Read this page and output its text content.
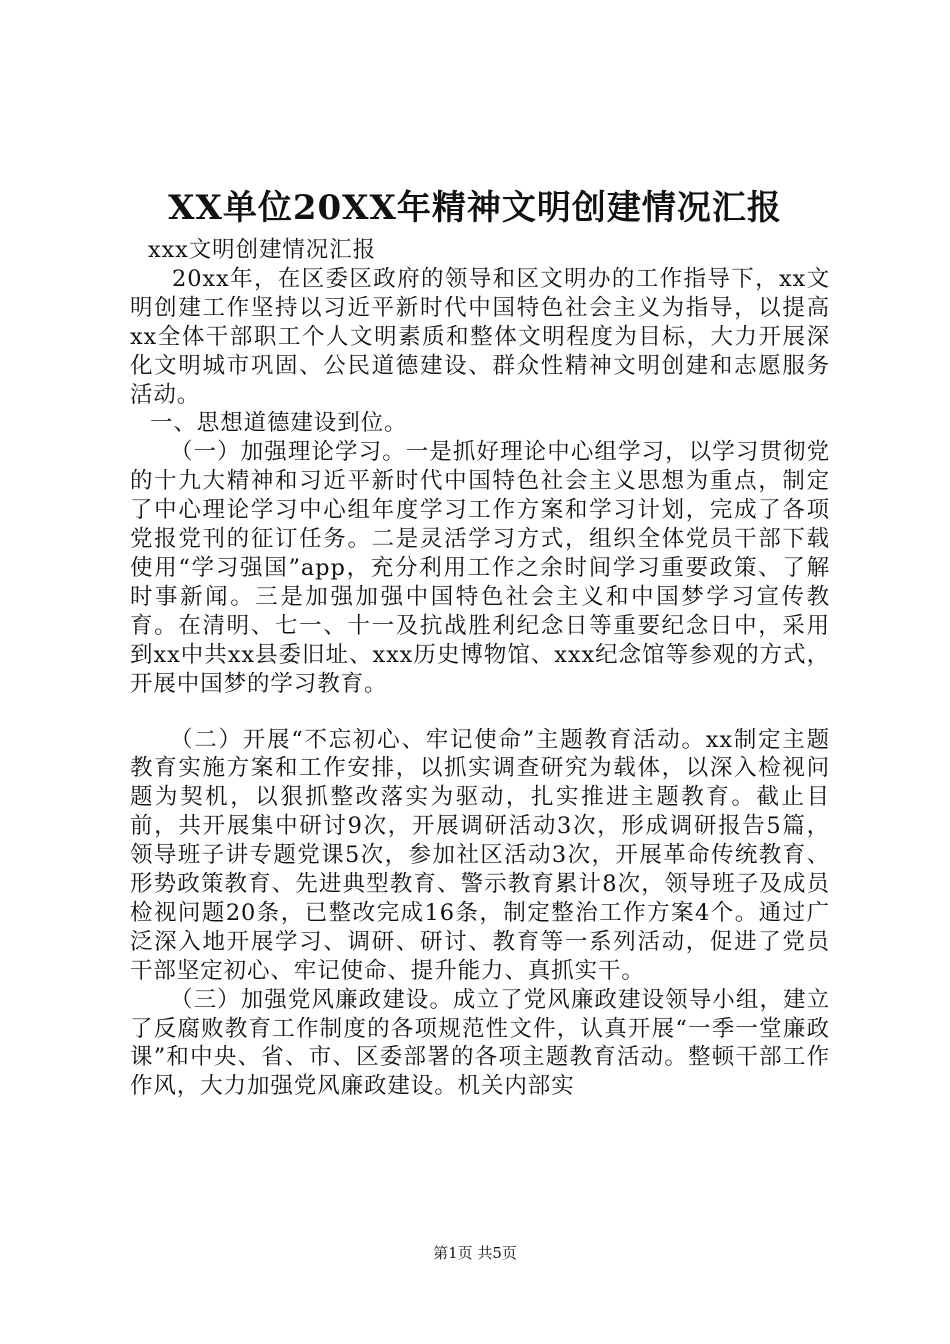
XX单位20XX年精神文明创建情况汇报

xxx文明创建情况汇报

20xx年，在区委区政府的领导和区文明办的工作指导下，xx文明创建工作坚持以习近平新时代中国特色社会主义为指导，以提高xx全体干部职工个人文明素质和整体文明程度为目标，大力开展深化文明城市巩固、公民道德建设、群众性精神文明创建和志愿服务活动。

一、思想道德建设到位。

（一）加强理论学习。一是抓好理论中心组学习，以学习贯彻党的十九大精神和习近平新时代中国特色社会主义思想为重点，制定了中心理论学习中心组年度学习工作方案和学习计划，完成了各项党报党刊的征订任务。二是灵活学习方式，组织全体党员干部下载使用“学习强国”app，充分利用工作之余时间学习重要政策、了解时事新闻。三是加强加强中国特色社会主义和中国梦学习宣传教育。在清明、七一、十一及抗战胜利纪念日等重要纪念日中，采用到xx中共xx县委旧址、xxx历史博物馆、xxx纪念馆等参观的方式，开展中国梦的学习教育。

（二）开展“不忘初心、牢记使命”主题教育活动。xx制定主题教育实施方案和工作安排，以抓实调查研究为载体，以深入检视问题为契机，以狠抓整改落实为驱动，扎实推进主题教育。截止目前，共开展集中研讨9次，开展调研活动3次，形成调研报告5篇，领导班子讲专题党课5次，参加社区活动3次，开展革命传统教育、形势政策教育、先进典型教育、警示教育累计8次，领导班子及成员检视问题20条，已整改完成16条，制定整治工作方案4个。通过广泛深入地开展学习、调研、研讨、教育等一系列活动，促进了党员干部坚定初心、牢记使命、提升能力、真抓实干。

（三）加强党风廉政建设。成立了党风廉政建设领导小组，建立了反腐败教育工作制度的各项规范性文件，认真开展“一季一堂廉政课”和中央、省、市、区委部署的各项主题教育活动。整顿干部工作作风，大力加强党风廉政建设。机关内部实

第1页 共5页
